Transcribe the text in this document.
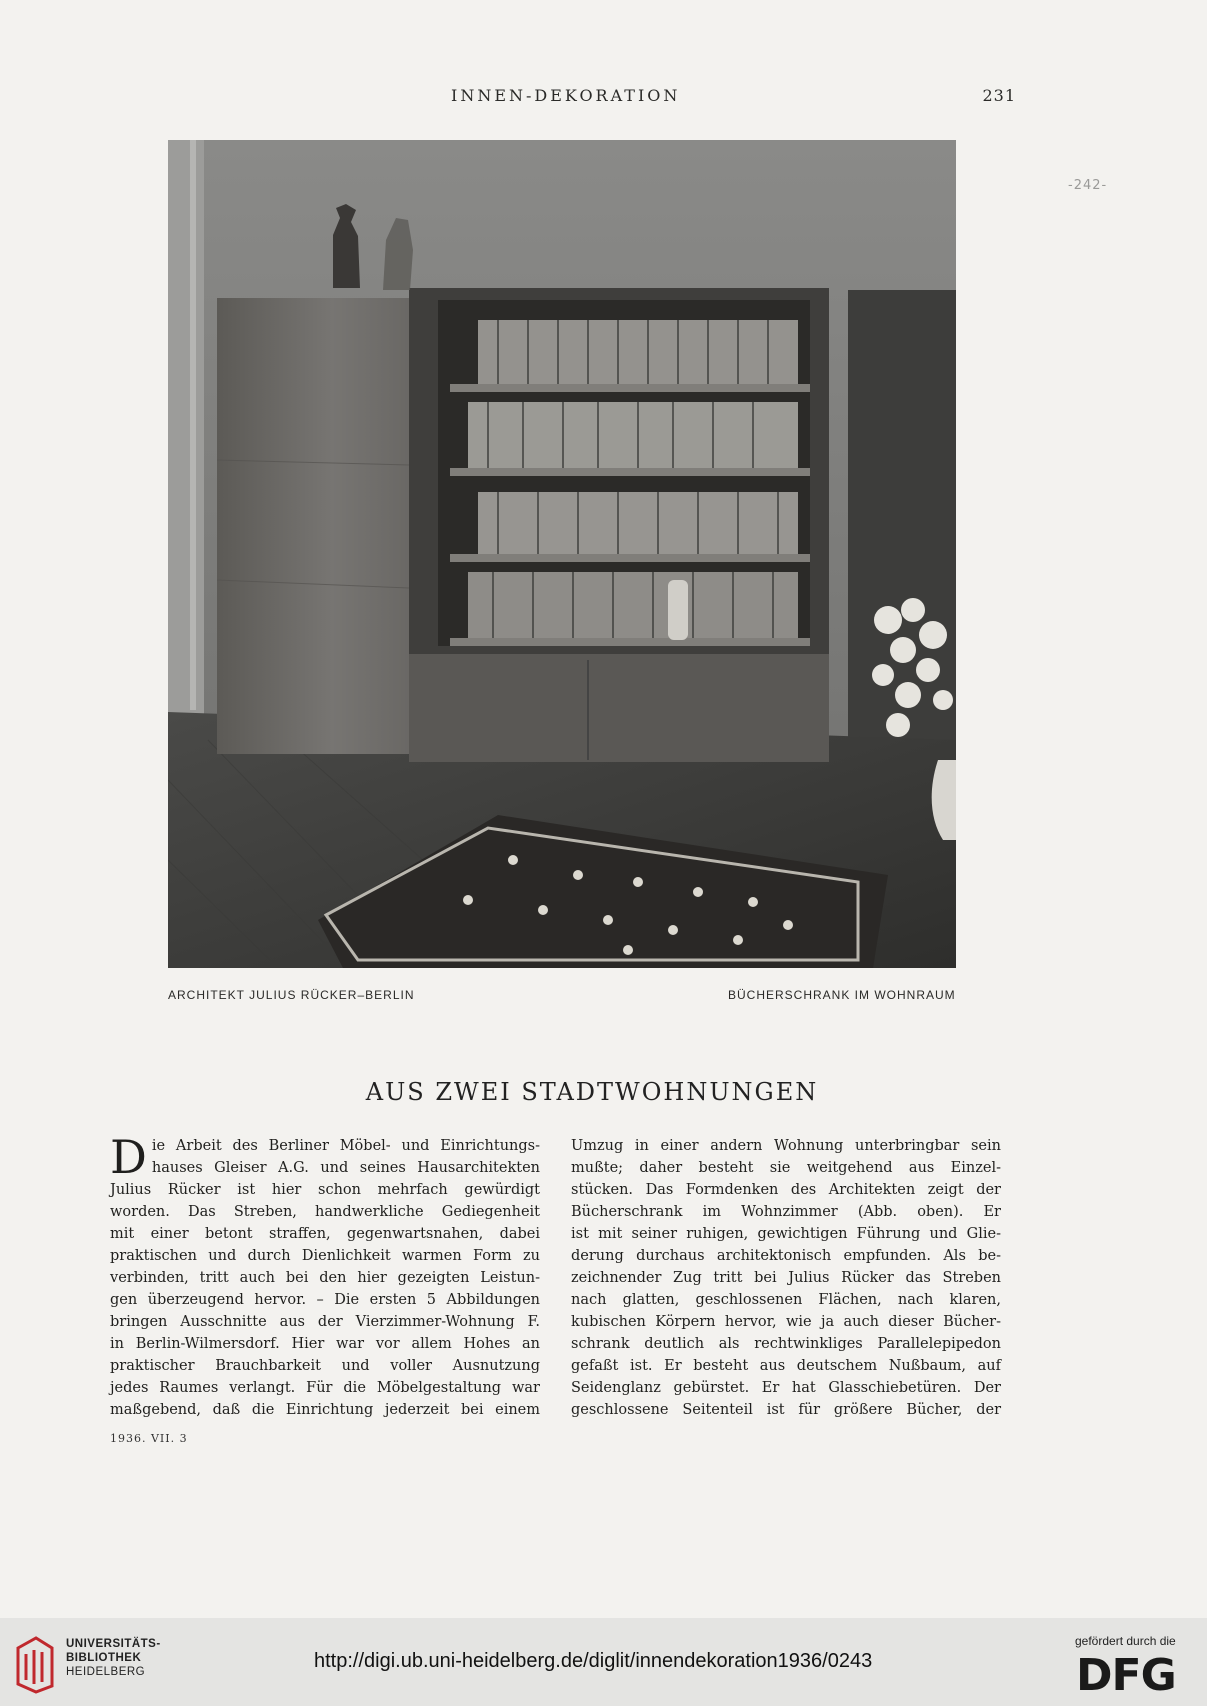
INNEN-DEKORATION	231
-242-
ARCHITEKT JULIUS RÜCKER–BERLIN	BÜCHERSCHRANK IM WOHNRAUM
AUS ZWEI STADTWOHNUNGEN
D ie Arbeit des Berliner Möbel- und Einrichtungs-

hauses Gleiser A.G. und seines Hausarchitekten

Julius Rücker ist hier schon mehrfach gewürdigt

worden. Das Streben, handwerkliche Gediegenheit

mit einer betont straffen, gegenwartsnahen, dabei

praktischen und durch Dienlichkeit warmen Form zu

verbinden, tritt auch bei den hier gezeigten Leistun-

gen überzeugend hervor. – Die ersten 5 Abbildungen

bringen Ausschnitte aus der Vierzimmer-Wohnung F.

in Berlin-Wilmersdorf. Hier war vor allem Hohes an

praktischer Brauchbarkeit und voller Ausnutzung

jedes Raumes verlangt. Für die Möbelgestaltung war

maßgebend, daß die Einrichtung jederzeit bei einem

Umzug in einer andern Wohnung unterbringbar sein

mußte; daher besteht sie weitgehend aus Einzel-

stücken. Das Formdenken des Architekten zeigt der

Bücherschrank im Wohnzimmer (Abb. oben). Er

ist mit seiner ruhigen, gewichtigen Führung und Glie-

derung durchaus architektonisch empfunden. Als be-

zeichnender Zug tritt bei Julius Rücker das Streben

nach glatten, geschlossenen Flächen, nach klaren,

kubischen Körpern hervor, wie ja auch dieser Bücher-

schrank deutlich als rechtwinkliges Parallelepipedon

gefaßt ist. Er besteht aus deutschem Nußbaum, auf

Seidenglanz gebürstet. Er hat Glasschiebetüren. Der

geschlossene Seitenteil ist für größere Bücher, der

1936. VII. 3
UNIVERSITÄTS-
BIBLIOTHEK
HEIDELBERG	http://digi.ub.uni-heidelberg.de/diglit/innendekoration1936/0243
gefördert durch die
DFG
